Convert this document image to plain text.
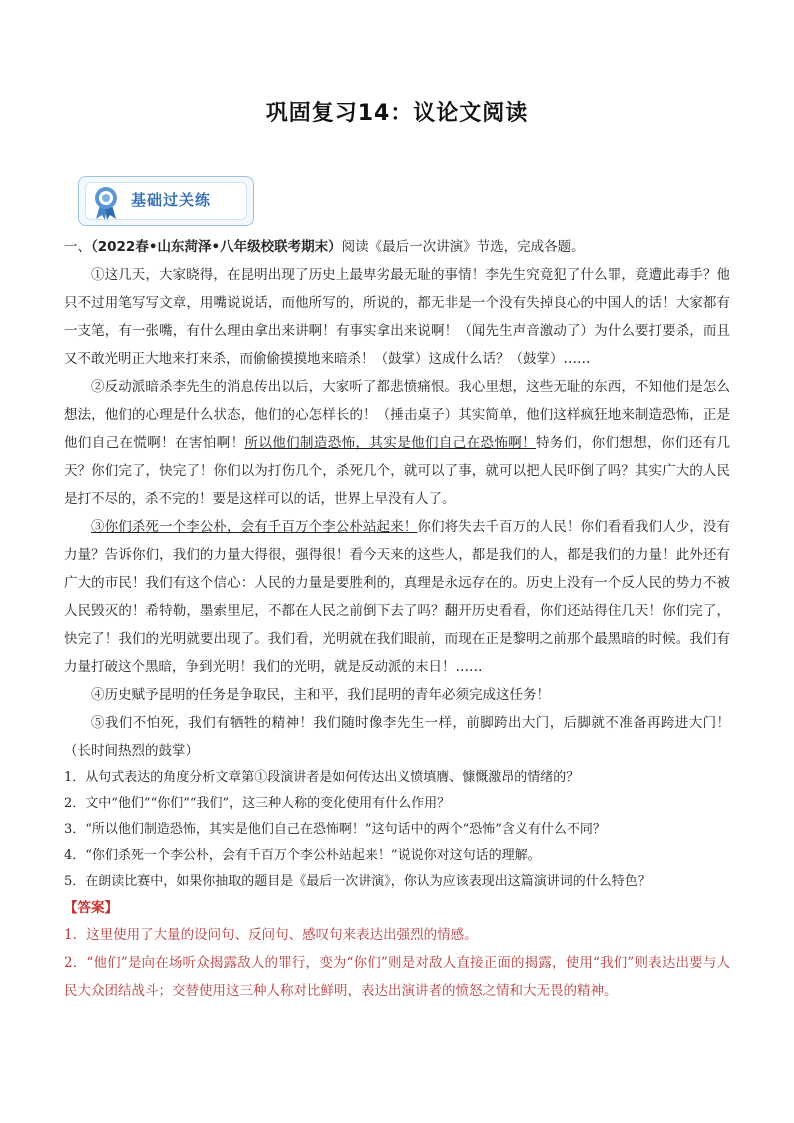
巩固复习14：议论文阅读
基础过关练

一、（2022春•山东菏泽•八年级校联考期末）阅读《最后一次讲演》节选，完成各题。

①这几天，大家晓得，在昆明出现了历史上最卑劣最无耻的事情！李先生究竟犯了什么罪，竟遭此毒手？他只不过用笔写写文章，用嘴说说话，而他所写的，所说的，都无非是一个没有失掉良心的中国人的话！大家都有一支笔，有一张嘴，有什么理由拿出来讲啊！有事实拿出来说啊！（闻先生声音激动了）为什么要打要杀，而且又不敢光明正大地来打来杀，而偷偷摸摸地来暗杀！（鼓掌）这成什么话？（鼓掌）……

②反动派暗杀李先生的消息传出以后，大家听了都悲愤痛恨。我心里想，这些无耻的东西，不知他们是怎么想法，他们的心理是什么状态，他们的心怎样长的！（捶击桌子）其实简单，他们这样疯狂地来制造恐怖，正是他们自己在慌啊！在害怕啊！所以他们制造恐怖，其实是他们自己在恐怖啊！特务们，你们想想，你们还有几天？你们完了，快完了！你们以为打伤几个，杀死几个，就可以了事，就可以把人民吓倒了吗？其实广大的人民是打不尽的，杀不完的！要是这样可以的话，世界上早没有人了。

③你们杀死一个李公朴，会有千百万个李公朴站起来！你们将失去千百万的人民！你们看看我们人少，没有力量？告诉你们，我们的力量大得很，强得很！看今天来的这些人，都是我们的人，都是我们的力量！此外还有广大的市民！我们有这个信心：人民的力量是要胜利的，真理是永远存在的。历史上没有一个反人民的势力不被人民毁灭的！希特勒，墨索里尼，不都在人民之前倒下去了吗？翻开历史看看，你们还站得住几天！你们完了，快完了！我们的光明就要出现了。我们看，光明就在我们眼前，而现在正是黎明之前那个最黑暗的时候。我们有力量打破这个黑暗，争到光明！我们的光明，就是反动派的末日！……

④历史赋予昆明的任务是争取民，主和平，我们昆明的青年必须完成这任务！

⑤我们不怕死，我们有牺牲的精神！我们随时像李先生一样，前脚跨出大门，后脚就不准备再跨进大门！（长时间热烈的鼓掌）

1．从句式表达的角度分析文章第①段演讲者是如何传达出义愤填膺、慷慨激昂的情绪的？

2．文中“他们”“你们”“我们”，这三种人称的变化使用有什么作用？

3．“所以他们制造恐怖，其实是他们自己在恐怖啊！”这句话中的两个“恐怖”含义有什么不同？

4．“你们杀死一个李公朴，会有千百万个李公朴站起来！”说说你对这句话的理解。

5．在朗读比赛中，如果你抽取的题目是《最后一次讲演》，你认为应该表现出这篇演讲词的什么特色？

【答案】

1．这里使用了大量的设问句、反问句、感叹句来表达出强烈的情感。

2．“他们”是向在场听众揭露敌人的罪行，变为“你们”则是对敌人直接正面的揭露，使用“我们”则表达出要与人民大众团结战斗；交替使用这三种人称对比鲜明，表达出演讲者的愤怒之情和大无畏的精神。
